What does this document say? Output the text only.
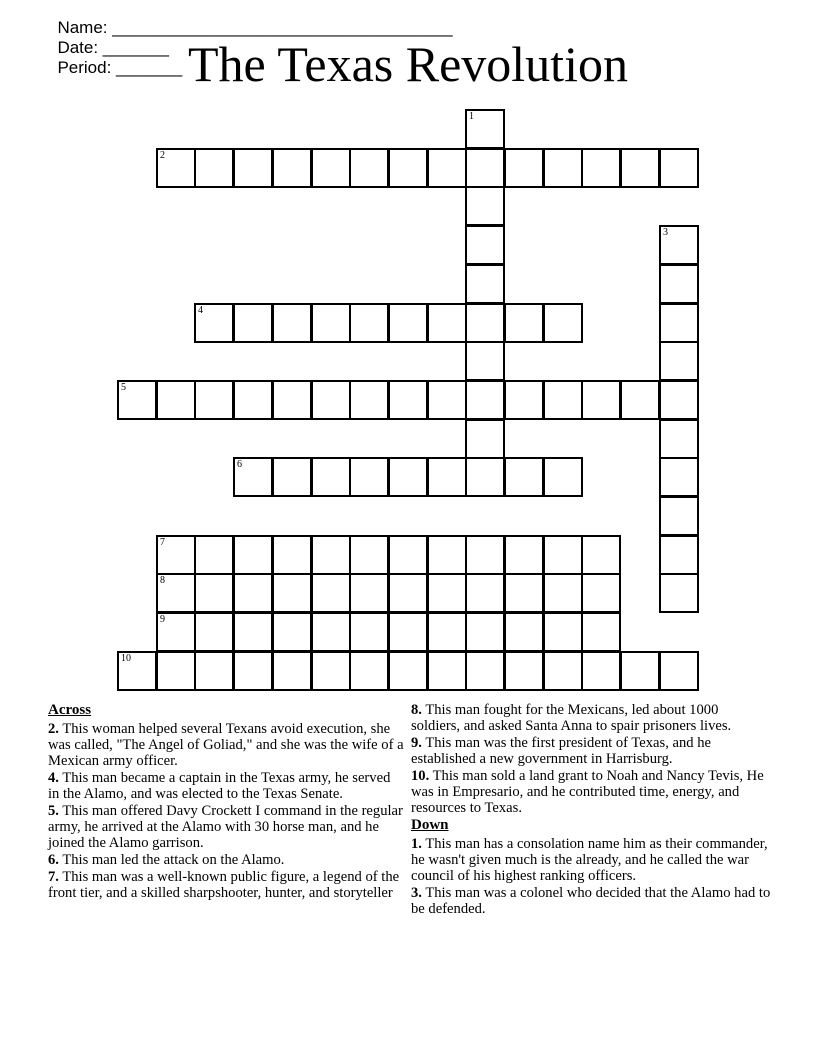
Name: ____________________________________
Date: _______
Period: _______ The Texas Revolution
1
2
3
4
5
6
7
8
9
10
Across
2. This woman helped several Texans avoid execution, she was called, "The Angel of Goliad," and she was the wife of a Mexican army officer.
4. This man became a captain in the Texas army, he served in the Alamo, and was elected to the Texas Senate.
5. This man offered Davy Crockett I command in the regular army, he arrived at the Alamo with 30 horse man, and he joined the Alamo garrison.
6. This man led the attack on the Alamo.
7. This man was a well-known public figure, a legend of the front tier, and a skilled sharpshooter, hunter, and storyteller
8. This man fought for the Mexicans, led about 1000 soldiers, and asked Santa Anna to spair prisoners lives.
9. This man was the first president of Texas, and he established a new government in Harrisburg.
10. This man sold a land grant to Noah and Nancy Tevis, He was in Empresario, and he contributed time, energy, and resources to Texas.
Down
1. This man has a consolation name him as their commander, he wasn't given much is the already, and he called the war council of his highest ranking officers.
3. This man was a colonel who decided that the Alamo had to be defended.
